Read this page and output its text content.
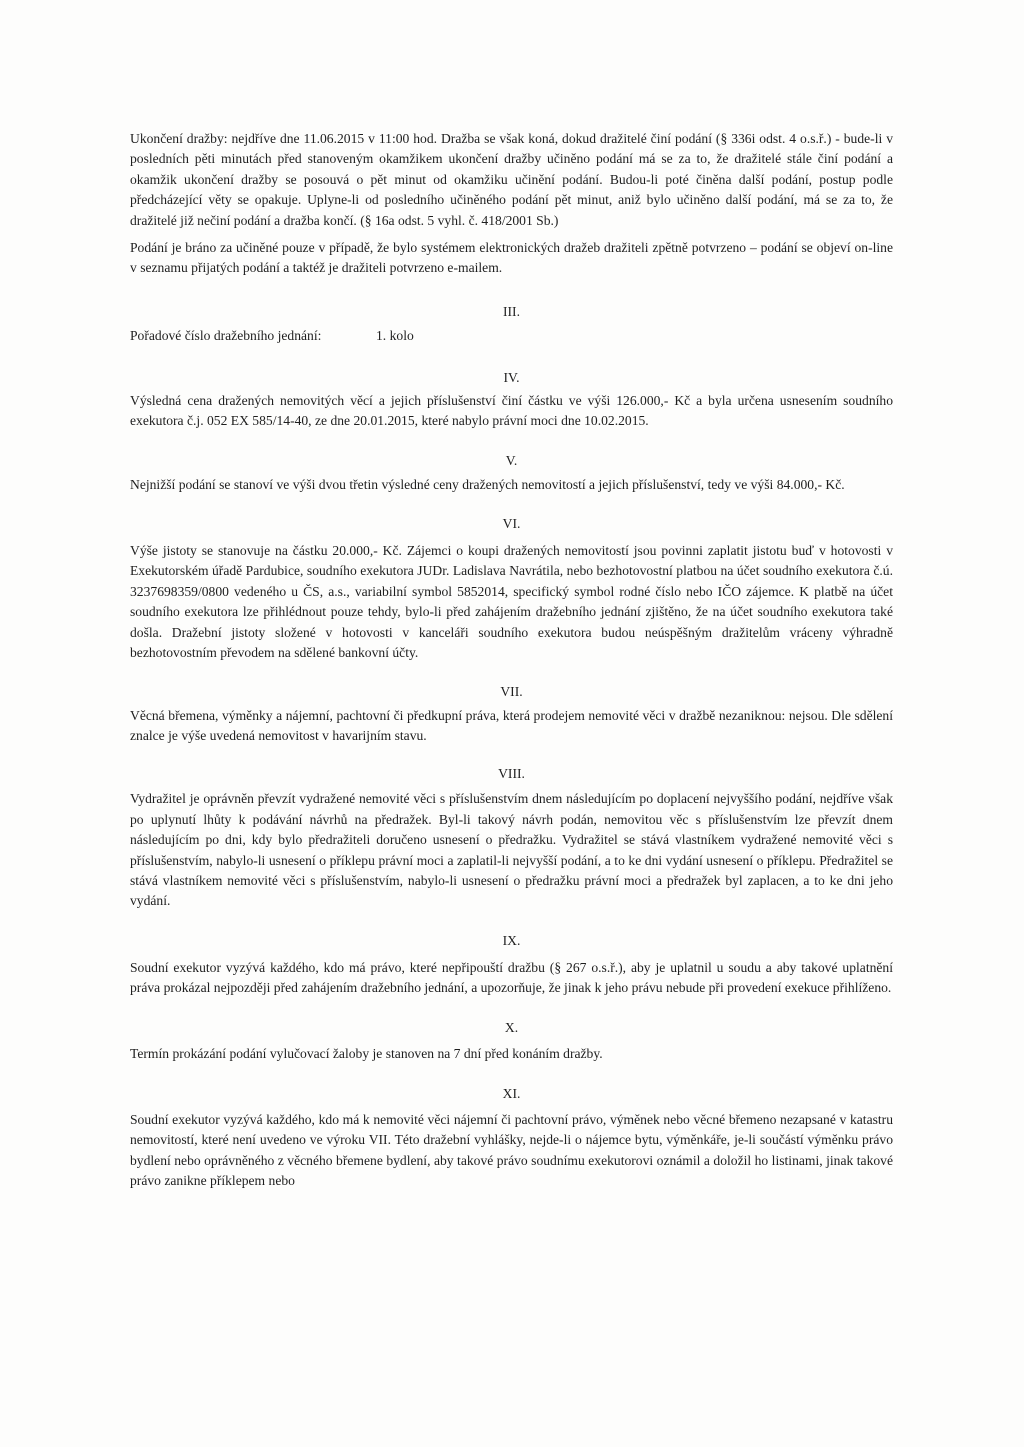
Ukončení dražby: nejdříve dne 11.06.2015 v 11:00 hod. Dražba se však koná, dokud dražitelé činí podání (§ 336i odst. 4 o.s.ř.) - bude-li v posledních pěti minutách před stanoveným okamžikem ukončení dražby učiněno podání má se za to, že dražitelé stále činí podání a okamžik ukončení dražby se posouvá o pět minut od okamžiku učinění podání. Budou-li poté činěna další podání, postup podle předcházející věty se opakuje. Uplyne-li od posledního učiněného podání pět minut, aniž bylo učiněno další podání, má se za to, že dražitelé již nečiní podání a dražba končí. (§ 16a odst. 5 vyhl. č. 418/2001 Sb.)

Podání je bráno za učiněné pouze v případě, že bylo systémem elektronických dražeb dražiteli zpětně potvrzeno – podání se objeví on-line v seznamu přijatých podání a taktéž je dražiteli potvrzeno e-mailem.

III.

Pořadové číslo dražebního jednání:	1. kolo

IV.

Výsledná cena dražených nemovitých věcí a jejich příslušenství činí částku ve výši 126.000,- Kč a byla určena usnesením soudního exekutora č.j. 052 EX 585/14-40, ze dne 20.01.2015, které nabylo právní moci dne 10.02.2015.

V.

Nejnižší podání se stanoví ve výši dvou třetin výsledné ceny dražených nemovitostí a jejich příslušenství, tedy ve výši 84.000,- Kč.

VI.

Výše jistoty se stanovuje na částku 20.000,- Kč. Zájemci o koupi dražených nemovitostí jsou povinni zaplatit jistotu buď v hotovosti v Exekutorském úřadě Pardubice, soudního exekutora JUDr. Ladislava Navrátila, nebo bezhotovostní platbou na účet soudního exekutora č.ú. 3237698359/0800 vedeného u ČS, a.s., variabilní symbol 5852014, specifický symbol rodné číslo nebo IČO zájemce. K platbě na účet soudního exekutora lze přihlédnout pouze tehdy, bylo-li před zahájením dražebního jednání zjištěno, že na účet soudního exekutora také došla. Dražební jistoty složené v hotovosti v kanceláři soudního exekutora budou neúspěšným dražitelům vráceny výhradně bezhotovostním převodem na sdělené bankovní účty.

VII.

Věcná břemena, výměnky a nájemní, pachtovní či předkupní práva, která prodejem nemovité věci v dražbě nezaniknou: nejsou. Dle sdělení znalce je výše uvedená nemovitost v havarijním stavu.

VIII.

Vydražitel je oprávněn převzít vydražené nemovité věci s příslušenstvím dnem následujícím po doplacení nejvyššího podání, nejdříve však po uplynutí lhůty k podávání návrhů na předražek. Byl-li takový návrh podán, nemovitou věc s příslušenstvím lze převzít dnem následujícím po dni, kdy bylo předražiteli doručeno usnesení o předražku. Vydražitel se stává vlastníkem vydražené nemovité věci s příslušenstvím, nabylo-li usnesení o příklepu právní moci a zaplatil-li nejvyšší podání, a to ke dni vydání usnesení o příklepu. Předražitel se stává vlastníkem nemovité věci s příslušenstvím, nabylo-li usnesení o předražku právní moci a předražek byl zaplacen, a to ke dni jeho vydání.

IX.

Soudní exekutor vyzývá každého, kdo má právo, které nepřipouští dražbu (§ 267 o.s.ř.), aby je uplatnil u soudu a aby takové uplatnění práva prokázal nejpozději před zahájením dražebního jednání, a upozorňuje, že jinak k jeho právu nebude při provedení exekuce přihlíženo.

X.

Termín prokázání podání vylučovací žaloby je stanoven na 7 dní před konáním dražby.

XI.

Soudní exekutor vyzývá každého, kdo má k nemovité věci nájemní či pachtovní právo, výměnek nebo věcné břemeno nezapsané v katastru nemovitostí, které není uvedeno ve výroku VII. Této dražební vyhlášky, nejde-li o nájemce bytu, výměnkáře, je-li součástí výměnku právo bydlení nebo oprávněného z věcného břemene bydlení, aby takové právo soudnímu exekutorovi oznámil a doložil ho listinami, jinak takové právo zanikne příklepem nebo
